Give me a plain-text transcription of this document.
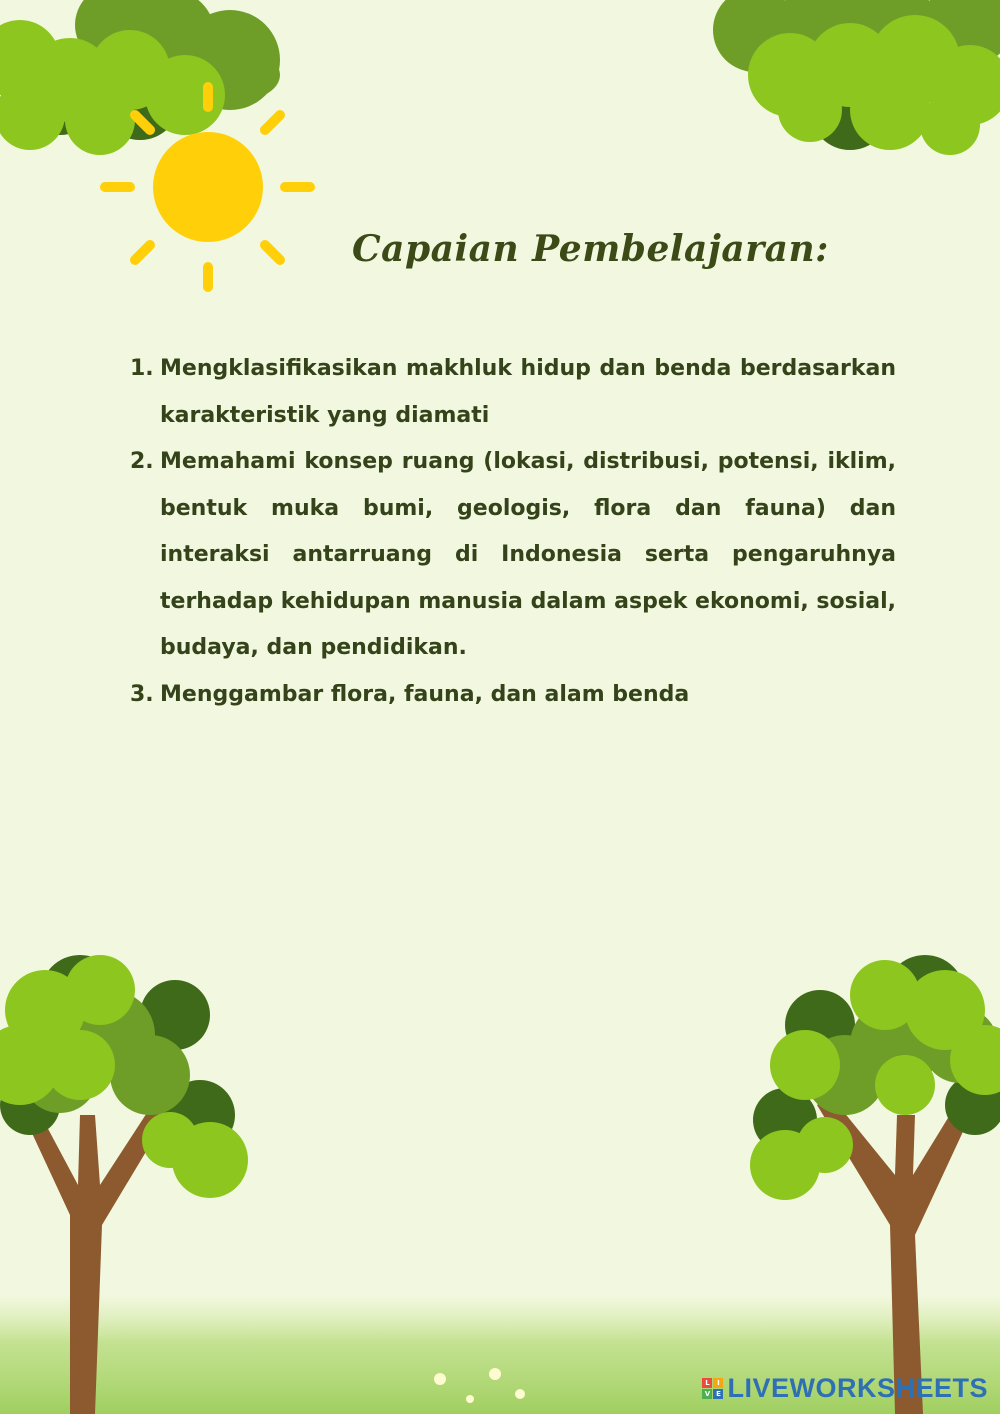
Capaian Pembelajaran:
1. Mengklasifikasikan makhluk hidup dan benda berdasarkan karakteristik yang diamati
2. Memahami konsep ruang (lokasi, distribusi, potensi, iklim, bentuk muka bumi, geologis, flora dan fauna) dan interaksi antarruang di Indonesia serta pengaruhnya terhadap kehidupan manusia dalam aspek ekonomi, sosial, budaya, dan pendidikan.
3. Menggambar flora, fauna, dan alam benda
L	I
V E LIVEWORKSHEETS
